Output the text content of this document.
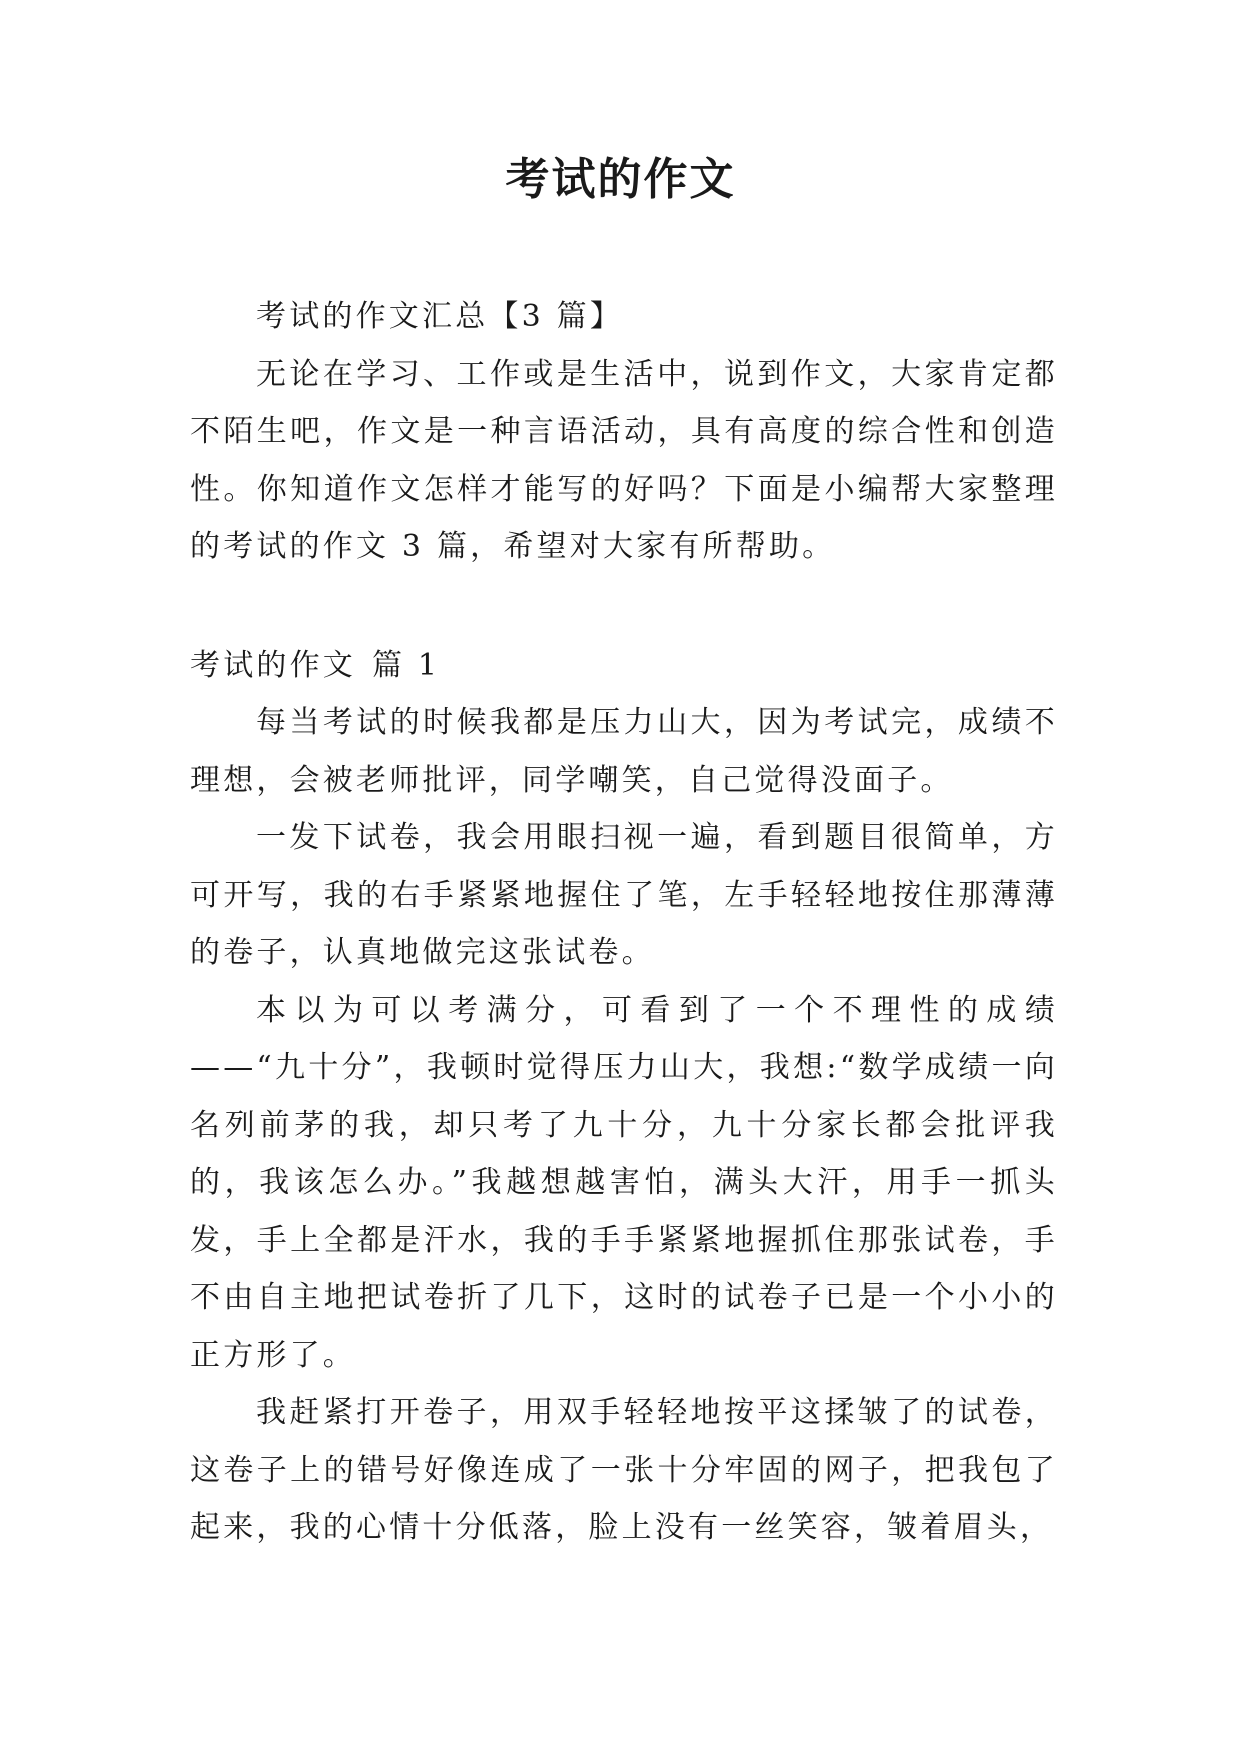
考试的作文

考试的作文汇总【3 篇】

无论在学习、工作或是生活中，说到作文，大家肯定都不陌生吧，作文是一种言语活动，具有高度的综合性和创造性。你知道作文怎样才能写的好吗？下面是小编帮大家整理的考试的作文 3 篇，希望对大家有所帮助。

考试的作文 篇 1

每当考试的时候我都是压力山大，因为考试完，成绩不理想，会被老师批评，同学嘲笑，自己觉得没面子。

一发下试卷，我会用眼扫视一遍，看到题目很简单，方可开写，我的右手紧紧地握住了笔，左手轻轻地按住那薄薄的卷子，认真地做完这张试卷。

本以为可以考满分，可看到了一个不理性的成绩——“九十分”，我顿时觉得压力山大，我想:“数学成绩一向名列前茅的我，却只考了九十分，九十分家长都会批评我的，我该怎么办。”我越想越害怕，满头大汗，用手一抓头发，手上全都是汗水，我的手手紧紧地握抓住那张试卷，手不由自主地把试卷折了几下，这时的试卷子已是一个小小的正方形了。

我赶紧打开卷子，用双手轻轻地按平这揉皱了的试卷，这卷子上的错号好像连成了一张十分牢固的网子，把我包了起来，我的心情十分低落，脸上没有一丝笑容，皱着眉头，
